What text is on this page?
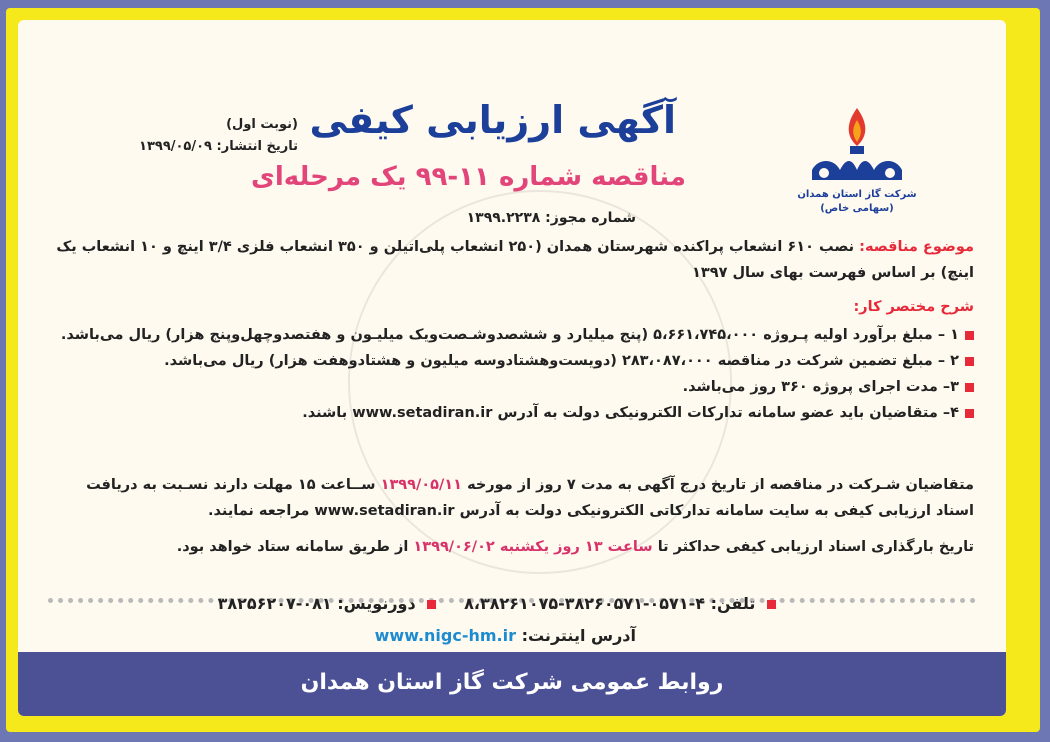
شرکت گاز استان همدان
(سهامی خاص)
(نوبت اول)
تاریخ انتشار: ۱۳۹۹/۰۵/۰۹
آگهی ارزیابی کیفی
مناقصه شماره ۱۱-۹۹ یک مرحله‌ای
شماره مجوز: ۱۳۹۹.۲۲۳۸
موضوع مناقصه: نصب ۶۱۰ انشعاب پراکنده شهرستان همدان (۲۵۰ انشعاب پلی‌اتیلن و ۳۵۰ انشعاب فلزی ۳/۴ اینچ و ۱۰ انشعاب یک اینچ) بر اساس فهرست بهای سال ۱۳۹۷
شرح مختصر کار:
۱ – مبلغ برآورد اولیه پـروژه ۵،۶۶۱،۷۴۵،۰۰۰ (پنج میلیارد و ششصدوشـصت‌ویک میلیـون و هفتصدوچهل‌وپنج هزار) ریال می‌باشد.
۲ – مبلغ تضمین شرکت در مناقصه ۲۸۳،۰۸۷،۰۰۰ (دویست‌وهشتادوسه میلیون و هشتادوهفت هزار) ریال می‌باشد.
۳– مدت اجرای پروژه ۳۶۰ روز می‌باشد.
۴– متقاضیان باید عضو سامانه تدارکات الکترونیکی دولت به آدرس www.setadiran.ir باشند.
متقاضیان شـرکت در مناقصه از تاریخ درج آگهی به مدت ۷ روز از مورخه ۱۳۹۹/۰۵/۱۱ ســاعت ۱۵ مهلت دارند نسـبت به دریافت اسناد ارزیابی کیفی به سایت سامانه تدارکاتی الکترونیکی دولت به آدرس www.setadiran.ir مراجعه نمایند.
تاریخ بارگذاری اسناد ارزیابی کیفی حداکثر تا ساعت ۱۳ روز یکشنبه ۱۳۹۹/۰۶/۰۲ از طریق سامانه ستاد خواهد بود.
تلفن: ۴-۰۵۷۱-۳۸۲۶۰۵۷۱-۸،۳۸۲۶۱۰۷۵      دورنویس: ۰۸۱-۳۸۲۵۶۲۰۷
آدرس اینترنت: www.nigc-hm.ir
روابط عمومی شرکت گاز استان همدان
